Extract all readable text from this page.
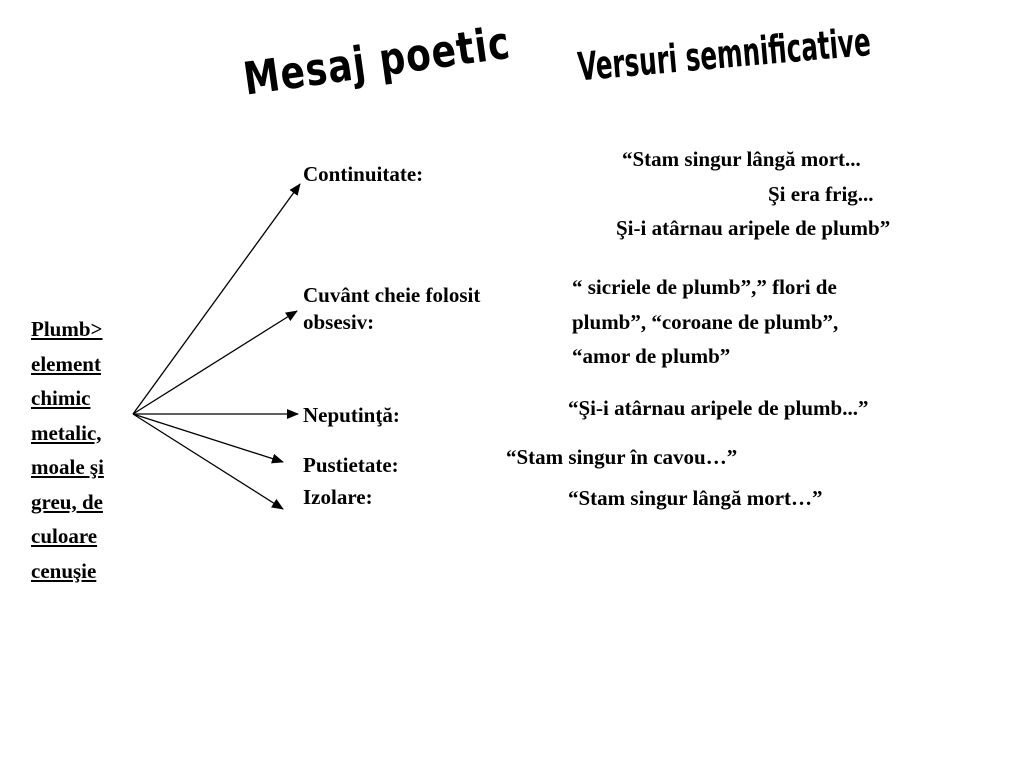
Mesaj poetic Versuri semnificative
Plumb>
element
chimic
metalic,
moale şi
greu, de
culoare
cenuşie
Continuitate:
Cuvânt cheie folosit
obsesiv:
Neputinţă:
Pustietate:
Izolare:
“Stam singur lângă mort...
Şi era frig...
Şi-i atârnau aripele de plumb”
“ sicriele de plumb”,” flori de
plumb”, “coroane de plumb”,
“amor de plumb”
“Şi-i atârnau aripele de plumb...”
“Stam singur în cavou…”
“Stam singur lângă mort…”
